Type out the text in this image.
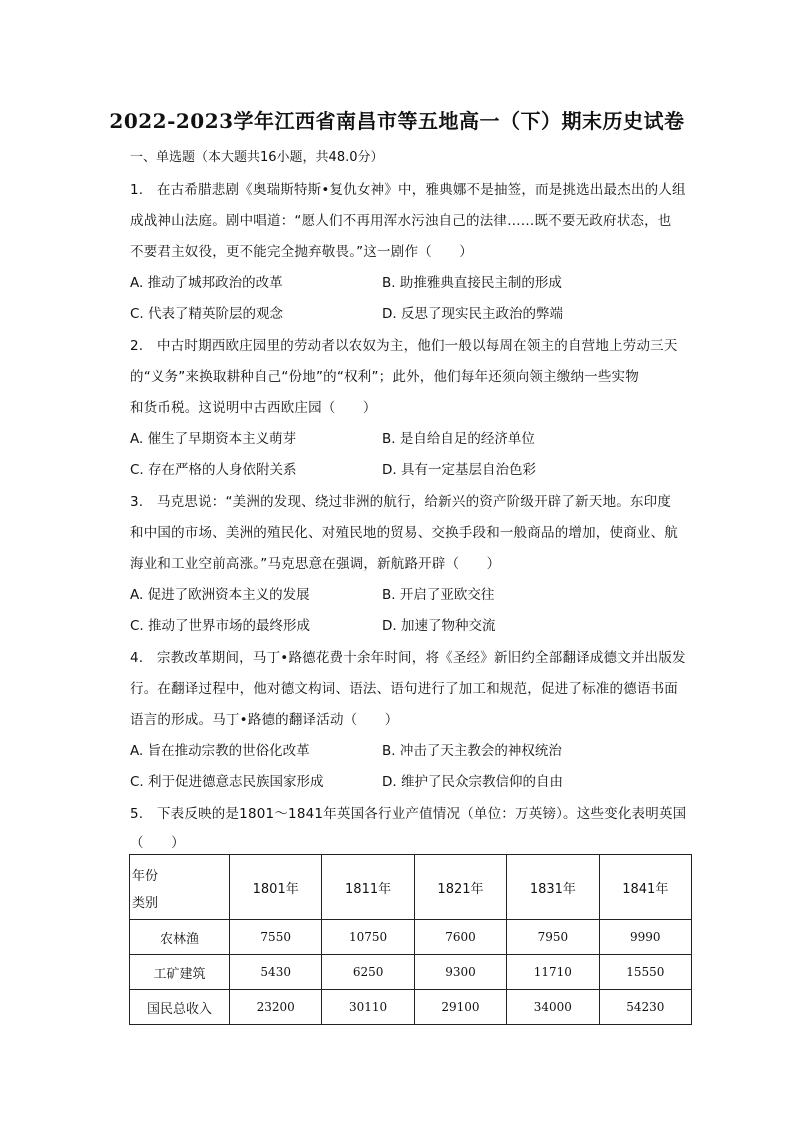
2022-2023学年江西省南昌市等五地高一（下）期末历史试卷
一、单选题（本大题共16小题，共48.0分）
1.　在古希腊悲剧《奥瑞斯特斯•复仇女神》中，雅典娜不是抽签，而是挑选出最杰出的人组
成战神山法庭。剧中唱道：“愿人们不再用浑水污浊自己的法律……既不要无政府状态，也
不要君主奴役，更不能完全抛弃敬畏。”这一剧作（　　）
A. 推动了城邦政治的改革	B. 助推雅典直接民主制的形成
C. 代表了精英阶层的观念	D. 反思了现实民主政治的弊端
2.　中古时期西欧庄园里的劳动者以农奴为主，他们一般以每周在领主的自营地上劳动三天
的“义务”来换取耕种自己“份地”的“权利”；此外，他们每年还须向领主缴纳一些实物
和货币税。这说明中古西欧庄园（　　）
A. 催生了早期资本主义萌芽	B. 是自给自足的经济单位
C. 存在严格的人身依附关系	D. 具有一定基层自治色彩
3.　马克思说：“美洲的发现、绕过非洲的航行，给新兴的资产阶级开辟了新天地。东印度
和中国的市场、美洲的殖民化、对殖民地的贸易、交换手段和一般商品的增加，使商业、航
海业和工业空前高涨。”马克思意在强调，新航路开辟（　　）
A. 促进了欧洲资本主义的发展	B. 开启了亚欧交往
C. 推动了世界市场的最终形成	D. 加速了物种交流
4.　宗教改革期间，马丁•路德花费十余年时间，将《圣经》新旧约全部翻译成德文并出版发
行。在翻译过程中，他对德文构词、语法、语句进行了加工和规范，促进了标准的德语书面
语言的形成。马丁•路德的翻译活动（　　）
A. 旨在推动宗教的世俗化改革	B. 冲击了天主教会的神权统治
C. 利于促进德意志民族国家形成	D. 维护了民众宗教信仰的自由
5.　下表反映的是1801～1841年英国各行业产值情况（单位：万英镑）。这些变化表明英国
（　　）
年份
类别	1801年	1811年	1821年	1831年	1841年
农林渔	7550	10750	7600	7950	9990
工矿建筑	5430	6250	9300	11710	15550
国民总收入	23200	30110	29100	34000	54230
